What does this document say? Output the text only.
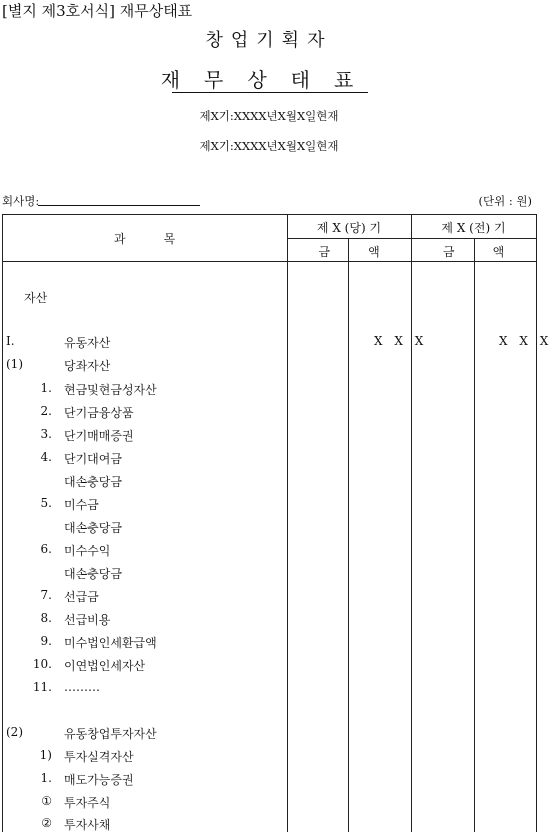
[별지 제3호서식] 재무상태표
창업기획자
재무상태표
제X기:XXXX년X월X일현재
제X기:XXXX년X월X일현재
회사명:	(단위 : 원)
과          목
제 X (당) 기	제 X (전) 기
금          액	금          액
자산
Ⅰ.	유동자산	X X X	X X X
(1)	당좌자산
1. 현금및현금성자산
2. 단기금융상품
3. 단기매매증권
4. 단기대여금
대손충당금
5. 미수금
대손충당금
6. 미수수익
대손충당금
7. 선급금
8. 선급비용
9. 미수법인세환급액
10. 이연법인세자산
11. ………
(2)	유동창업투자자산
1) 투자실격자산
1. 매도가능증권
① 투자주식
② 투자사채
